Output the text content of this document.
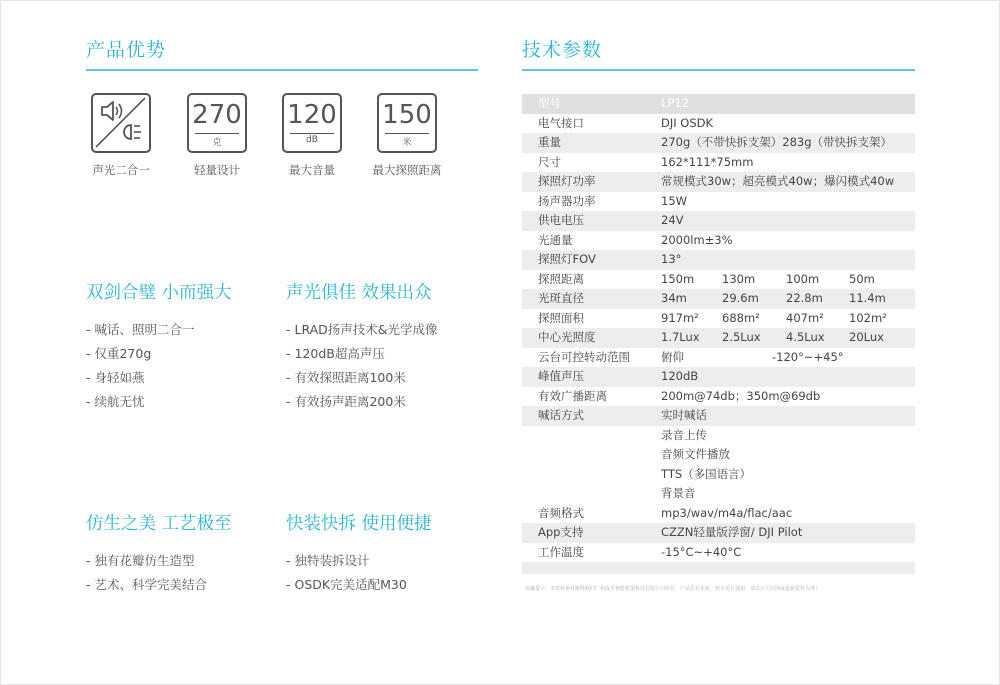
产品优势
声光二合一
270
克
轻量设计
120
dB
最大音量
150
米
最大探照距离
双剑合璧 小而强大
- 喊话、照明二合一
- 仅重270g
- 身轻如燕
- 续航无忧
声光俱佳 效果出众
- LRAD扬声技术&光学成像
- 120dB超高声压
- 有效探照距离100米
- 有效扬声距离200米
仿生之美 工艺极至
- 独有花瓣仿生造型
- 艺术、科学完美结合
快装快拆 使用便捷
- 独特装拆设计
- OSDK完美适配M30
技术参数
型号	LP12
电气接口	DJI OSDK
重量	270g（不带快拆支架）283g（带快拆支架）
尺寸	162*111*75mm
探照灯功率	常规模式30w；超亮模式40w；爆闪模式40w
扬声器功率	15W
供电电压	24V
光通量	2000lm±3%
探照灯FOV	13°
探照距离	150m 130m	100m	50m
光斑直径	34m	29.6m 22.8m 11.4m
探照面积	917m² 688m² 407m² 102m²
中心光照度	1.7Lux 2.5Lux 4.5Lux 20Lux
云台可控转动范围	俯仰	-120°~+45°
峰值声压	120dB
有效广播距离	200m@74db；350m@69db
喊话方式	实时喊话
录音上传
音频文件播放
TTS（多国语言）
背景音
音频格式	mp3/wav/m4a/flac/aac
App支持	CZZN轻量版浮窗/ DJI Pilot
工作温度	-15°C~+40°C
温馨提示：本资料素材解释权归广州成至智能机器科技有限公司所有，产品若有更新，恕不另行通知，请以公司官网或最新资料为准！
